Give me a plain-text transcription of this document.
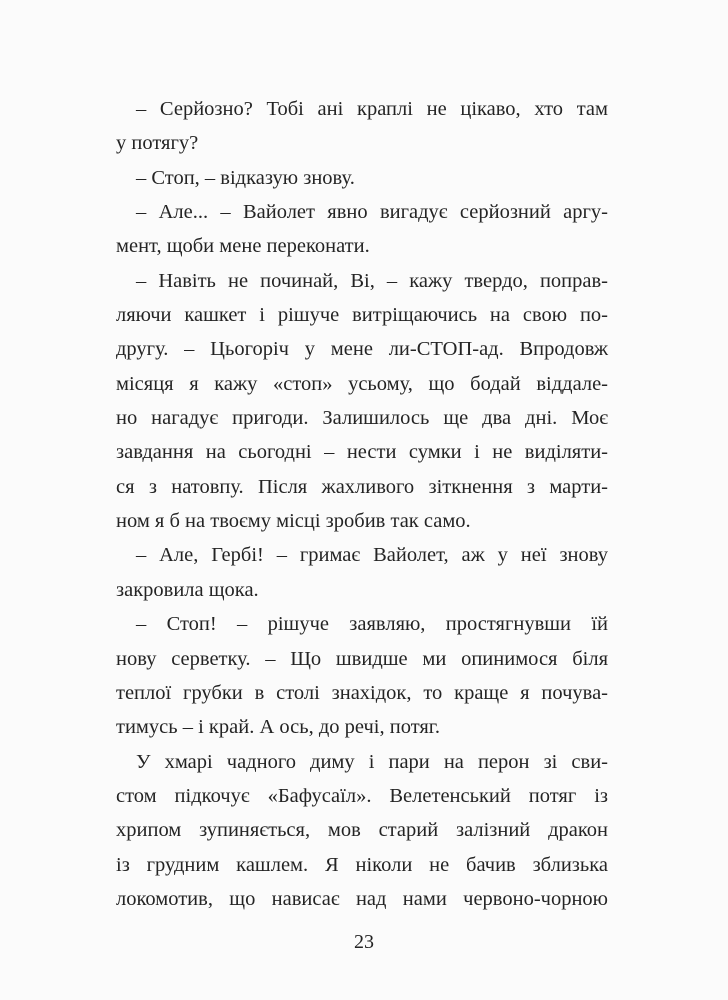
– Серйозно? Тобі ані краплі не цікаво, хто там
у потягу?
– Стоп, – відказую знову.
– Але... – Вайолет явно вигадує серйозний аргу-
мент, щоби мене переконати.
– Навіть не починай, Ві, – кажу твердо, поправ-
ляючи кашкет і рішуче витріщаючись на свою по-
другу. – Цьогоріч у мене ли-СТОП-ад. Впродовж
місяця я кажу «стоп» усьому, що бодай віддале-
но нагадує пригоди. Залишилось ще два дні. Моє
завдання на сьогодні – нести сумки і не виділяти-
ся з натовпу. Після жахливого зіткнення з марти-
ном я б на твоєму місці зробив так само.
– Але, Гербі! – гримає Вайолет, аж у неї знову
закровила щока.
– Стоп! – рішуче заявляю, простягнувши їй
нову серветку. – Що швидше ми опинимося біля
теплої грубки в столі знахідок, то краще я почува-
тимусь – і край. А ось, до речі, потяг.
У хмарі чадного диму і пари на перон зі сви-
стом підкочує «Бафусаїл». Велетенський потяг із
хрипом зупиняється, мов старий залізний дракон
із грудним кашлем. Я ніколи не бачив зблизька
локомотив, що нависає над нами червоно-чорною
23
